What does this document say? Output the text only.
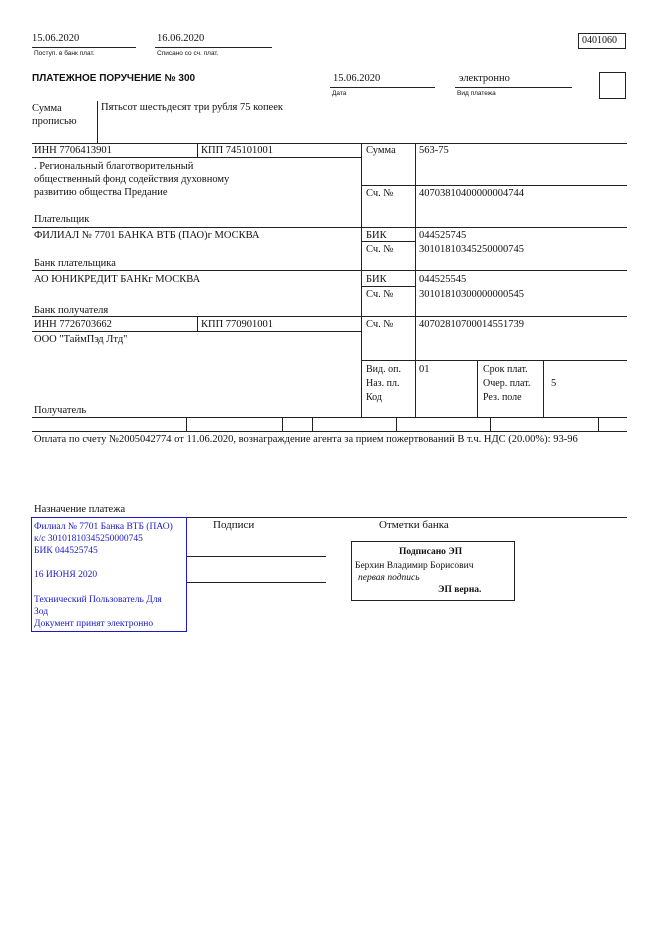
15.06.2020
Поступ. в банк плат.
16.06.2020
Списано со сч. плат.
0401060
ПЛАТЕЖНОЕ ПОРУЧЕНИЕ № 300	15.06.2020
Дата
электронно
Вид платежа
Сумма
прописью
Пятьсот шестьдесят три рубля 75 копеек
ИНН 7706413901	КПП 745101001
. Региональный благотворительный
общественный фонд содействия духовному
развитию общества Предание
Плательщик
Сумма 563-75
Сч. № 40703810400000004744
ФИЛИАЛ № 7701 БАНКА ВТБ (ПАО)г МОСКВА
Банк плательщика
БИК	044525745
Сч. № 30101810345250000745
АО ЮНИКРЕДИТ БАНКг МОСКВА
Банк получателя
БИК	044525545
Сч. № 30101810300000000545
ИНН 7726703662	КПП 770901001
ООО "ТаймПэд Лтд"
Получатель
Сч. № 40702810700014551739
Вид. оп. 01
Наз. пл.
Код
Срок плат.
Очер. плат. 5
Рез. поле
Оплата по счету №2005042774 от 11.06.2020, вознаграждение агента за прием пожертвований В т.ч. НДС (20.00%): 93-96
Назначение платежа
Подписи	Отметки банка
Филиал № 7701 Банка ВТБ (ПАО)
к/с 30101810345250000745
БИК 044525745
16 ИЮНЯ 2020
Технический Пользователь Для
Зод
Документ принят электронно
Подписано ЭП
Берхин Владимир Борисович
первая подпись
ЭП верна.
